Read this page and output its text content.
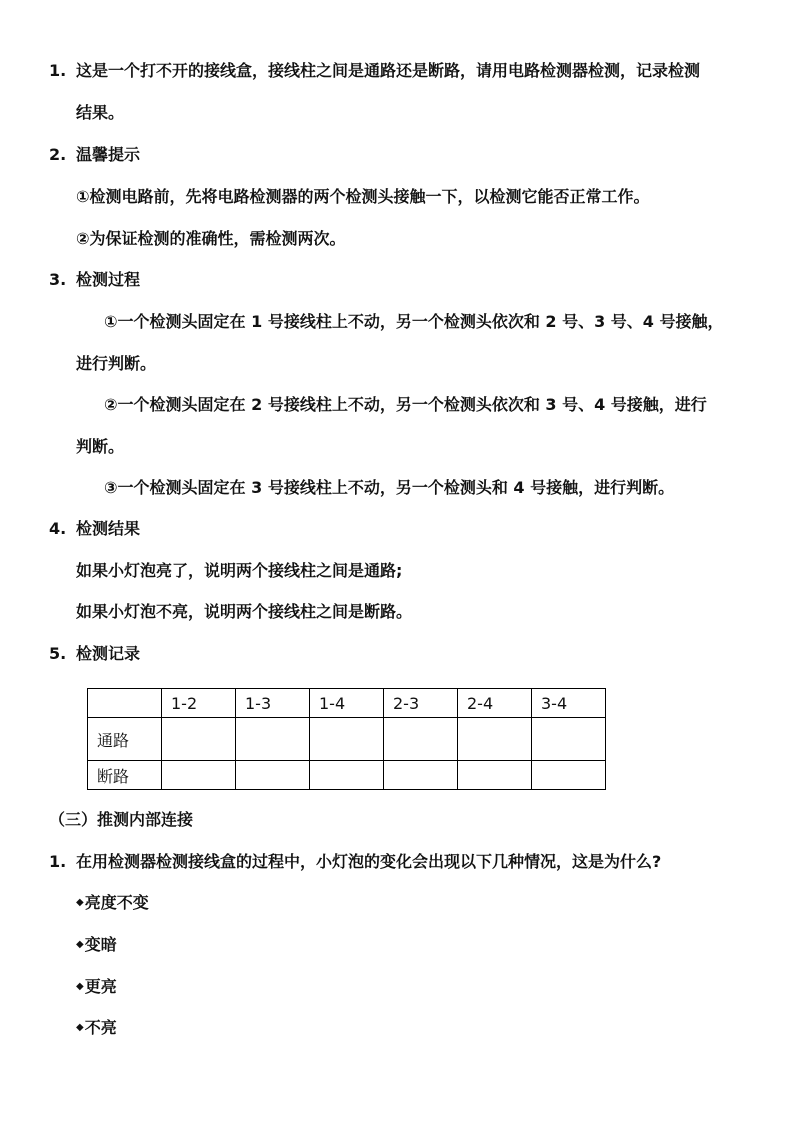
1. 这是一个打不开的接线盒，接线柱之间是通路还是断路，请用电路检测器检测，记录检测
结果。
2. 温馨提示
①检测电路前，先将电路检测器的两个检测头接触一下，以检测它能否正常工作。
②为保证检测的准确性，需检测两次。
3. 检测过程
①一个检测头固定在 1 号接线柱上不动，另一个检测头依次和 2 号、3 号、4 号接触，
进行判断。
②一个检测头固定在 2 号接线柱上不动，另一个检测头依次和 3 号、4 号接触，进行
判断。
③一个检测头固定在 3 号接线柱上不动，另一个检测头和 4 号接触，进行判断。
4. 检测结果
如果小灯泡亮了，说明两个接线柱之间是通路;
如果小灯泡不亮，说明两个接线柱之间是断路。
5. 检测记录
	1-2	1-3	1-4	2-3	2-4	3-4
通路						
断路						
（三）推测内部连接
1. 在用检测器检测接线盒的过程中，小灯泡的变化会出现以下几种情况，这是为什么?
◆亮度不变
◆变暗
◆更亮
◆不亮
